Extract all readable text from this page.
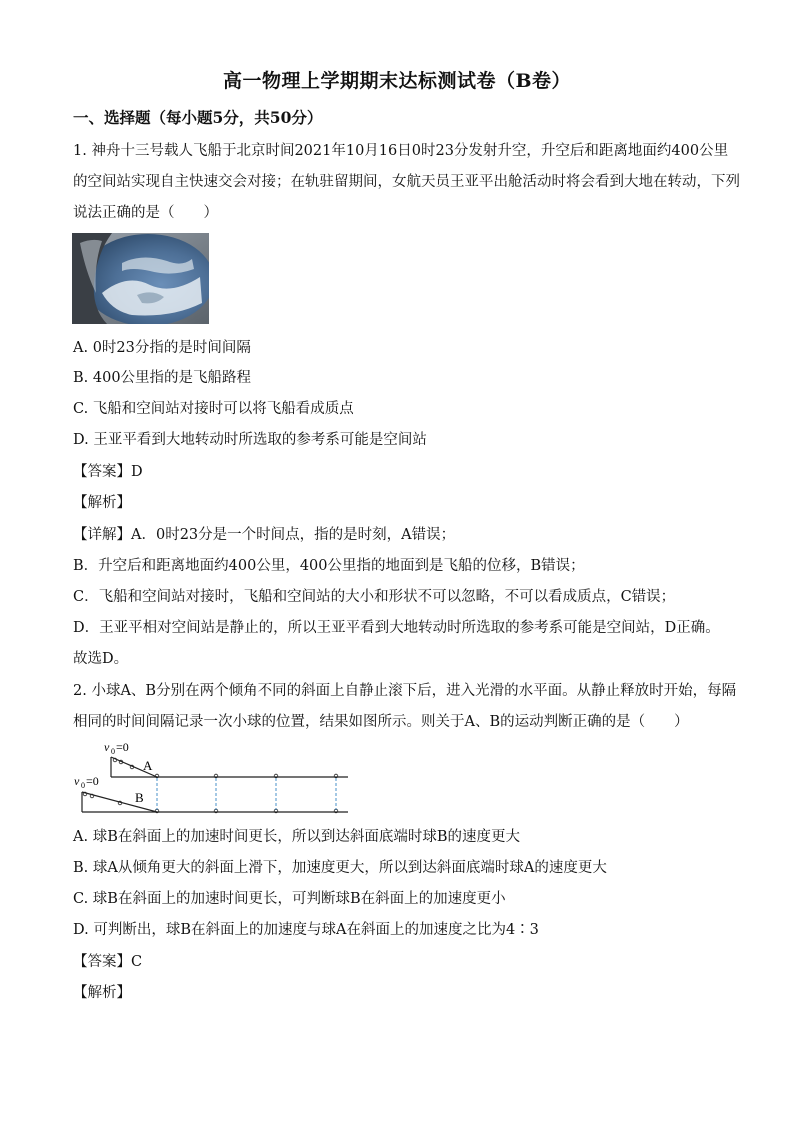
高一物理上学期期末达标测试卷（B卷）
一、选择题（每小题5分，共50分）
1. 神舟十三号载人飞船于北京时间2021年10月16日0时23分发射升空，升空后和距离地面约400公里
的空间站实现自主快速交会对接；在轨驻留期间，女航天员王亚平出舱活动时将会看到大地在转动，下列
说法正确的是（　　）
A. 0时23分指的是时间间隔
B. 400公里指的是飞船路程
C. 飞船和空间站对接时可以将飞船看成质点
D. 王亚平看到大地转动时所选取的参考系可能是空间站
【答案】D
【解析】
【详解】A．0时23分是一个时间点，指的是时刻，A错误；
B．升空后和距离地面约400公里，400公里指的地面到是飞船的位移，B错误；
C．飞船和空间站对接时，飞船和空间站的大小和形状不可以忽略，不可以看成质点，C错误；
D．王亚平相对空间站是静止的，所以王亚平看到大地转动时所选取的参考系可能是空间站，D正确。
故选D。
2. 小球A、B分别在两个倾角不同的斜面上自静止滚下后，进入光滑的水平面。从静止释放时开始，每隔
相同的时间间隔记录一次小球的位置，结果如图所示。则关于A、B的运动判断正确的是（　　）
v 0 =0
v 0 =0
A
B
A. 球B在斜面上的加速时间更长，所以到达斜面底端时球B的速度更大
B. 球A从倾角更大的斜面上滑下，加速度更大，所以到达斜面底端时球A的速度更大
C. 球B在斜面上的加速时间更长，可判断球B在斜面上的加速度更小
D. 可判断出，球B在斜面上的加速度与球A在斜面上的加速度之比为4∶3
【答案】C
【解析】
